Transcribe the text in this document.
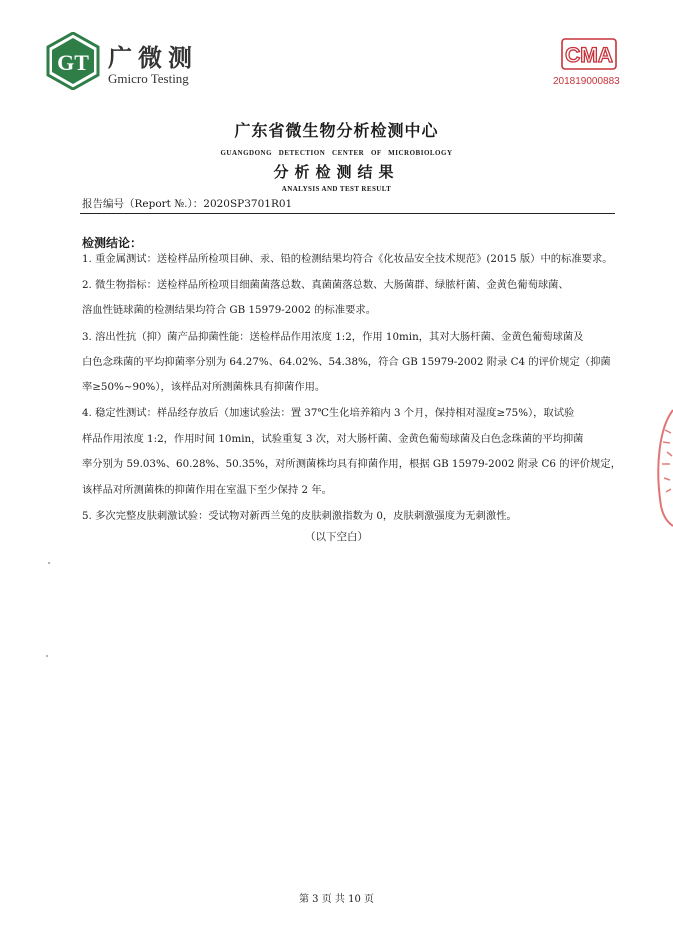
GT 广微测
Gmicro Testing
CMA
201819000883
广东省微生物分析检测中心
GUANGDONG   DETECTION   CENTER   OF   MICROBIOLOGY
分析检测结果
ANALYSIS AND TEST RESULT
报告编号（Report №.）：2020SP3701R01
检测结论：
1. 重金属测试：送检样品所检项目砷、汞、铅的检测结果均符合《化妆品安全技术规范》(2015 版）中的标准要求。
2. 微生物指标：送检样品所检项目细菌菌落总数、真菌菌落总数、大肠菌群、绿脓杆菌、金黄色葡萄球菌、
溶血性链球菌的检测结果均符合 GB 15979-2002 的标准要求。
3. 溶出性抗（抑）菌产品抑菌性能：送检样品作用浓度 1:2，作用 10min，其对大肠杆菌、金黄色葡萄球菌及
白色念珠菌的平均抑菌率分别为 64.27%、64.02%、54.38%，符合 GB 15979-2002 附录 C4 的评价规定（抑菌
率≥50%~90%），该样品对所测菌株具有抑菌作用。
4. 稳定性测试：样品经存放后（加速试验法：置 37℃生化培养箱内 3 个月，保持相对湿度≥75%），取试验
样品作用浓度 1:2，作用时间 10min，试验重复 3 次，对大肠杆菌、金黄色葡萄球菌及白色念珠菌的平均抑菌
率分别为 59.03%、60.28%、50.35%，对所测菌株均具有抑菌作用，根据 GB 15979-2002 附录 C6 的评价规定，
该样品对所测菌株的抑菌作用在室温下至少保持 2 年。
5. 多次完整皮肤刺激试验：受试物对新西兰兔的皮肤刺激指数为 0，皮肤刺激强度为无刺激性。
（以下空白）
第 3 页 共 10 页
